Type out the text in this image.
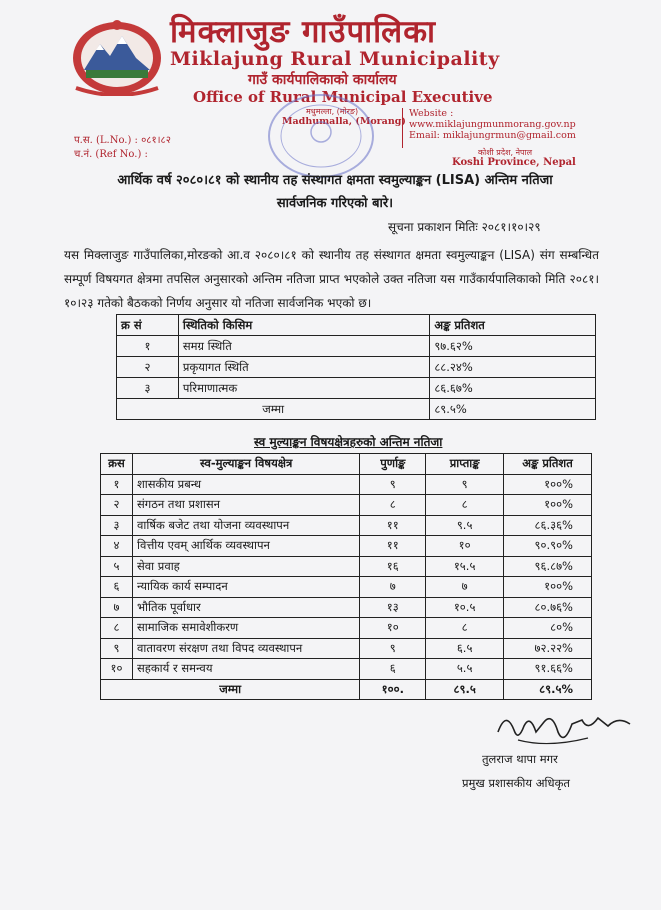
मिक्लाजुङ गाउँपालिका
Miklajung Rural Municipality
गाउँ कार्यपालिकाको कार्यालय
Office of Rural Municipal Executive
मधुमल्ला, (मोरङ)
Madhumalla, (Morang)
Website :
www.miklajungmunmorang.gov.np
Email: miklajungrmun@gmail.com
कोशी प्रदेश, नेपाल
Koshi Province, Nepal
प.स. (L.No.) : ०८१।८२
च.नं. (Ref No.) :
आर्थिक वर्ष २०८०।८१ को स्थानीय तह संस्थागत क्षमता स्वमुल्याङ्कन (LISA) अन्तिम नतिजा
सार्वजनिक गरिएको बारे।
सूचना प्रकाशन मितिः २०८१।१०।२९
यस मिक्लाजुङ गाउँपालिका,मोरङको आ.व २०८०।८१ को स्थानीय तह संस्थागत क्षमता स्वमुल्याङ्कन (LISA) संग सम्बन्धित सम्पूर्ण विषयगत क्षेत्रमा तपसिल अनुसारको अन्तिम नतिजा प्राप्त भएकोले उक्त नतिजा यस गाउँकार्यपालिकाको मिति २०८१।१०।२३ गतेको बैठकको निर्णय अनुसार यो नतिजा सार्वजनिक भएको छ।
क्र सं	स्थितिको किसिम	अङ्क प्रतिशत
१	समग्र स्थिति	९७.६२%
२	प्रकृयागत स्थिति	८८.२४%
३	परिमाणात्मक	८६.६७%
जम्मा		८९.५%
स्व मुल्याङ्कन विषयक्षेत्रहरुको अन्तिम नतिजा
क्रस	स्व-मुल्याङ्कन विषयक्षेत्र	पुर्णाङ्क	प्राप्ताङ्क	अङ्क प्रतिशत
१	शासकीय प्रबन्ध	९	९	१००%
२	संगठन तथा प्रशासन	८	८	१००%
३	वार्षिक बजेट तथा योजना व्यवस्थापन	११	९.५	८६.३६%
४	वित्तीय एवम् आर्थिक व्यवस्थापन	११	१०	९०.९०%
५	सेवा प्रवाह	१६	१५.५	९६.८७%
६	न्यायिक कार्य सम्पादन	७	७	१००%
७	भौतिक पूर्वाधार	१३	१०.५	८०.७६%
८	सामाजिक समावेशीकरण	१०	८	८०%
९	वातावरण संरक्षण तथा विपद व्यवस्थापन	९	६.५	७२.२२%
१०	सहकार्य र समन्वय	६	५.५	९१.६६%
जम्मा		१००.	८९.५	८९.५%
तुलराज थापा मगर
प्रमुख प्रशासकीय अधिकृत
